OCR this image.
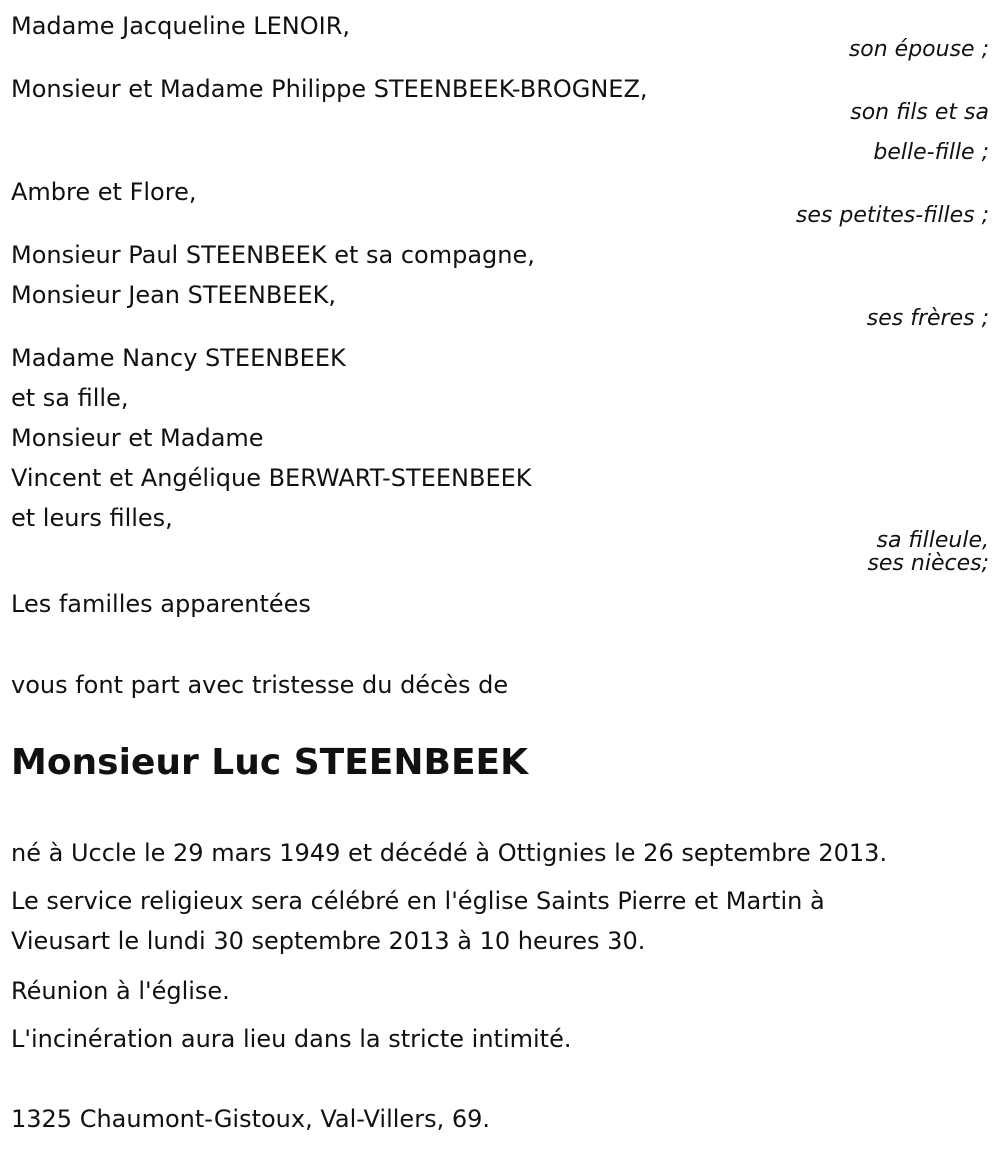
Madame Jacqueline LENOIR,
son épouse ;
Monsieur et Madame Philippe STEENBEEK-BROGNEZ,
son fils et sa
belle-fille ;
Ambre et Flore,
ses petites-filles ;
Monsieur Paul STEENBEEK et sa compagne,
Monsieur Jean STEENBEEK,
ses frères ;
Madame Nancy STEENBEEK
et sa fille,
Monsieur et Madame
Vincent et Angélique BERWART-STEENBEEK
et leurs filles,
sa filleule,
ses nièces;
Les familles apparentées
vous font part avec tristesse du décès de
Monsieur Luc STEENBEEK
né à Uccle le 29 mars 1949 et décédé à Ottignies le 26 septembre 2013.
Le service religieux sera célébré en l'église Saints Pierre et Martin à
Vieusart le lundi 30 septembre 2013 à 10 heures 30.
Réunion à l'église.
L'incinération aura lieu dans la stricte intimité.
1325 Chaumont-Gistoux, Val-Villers, 69.
